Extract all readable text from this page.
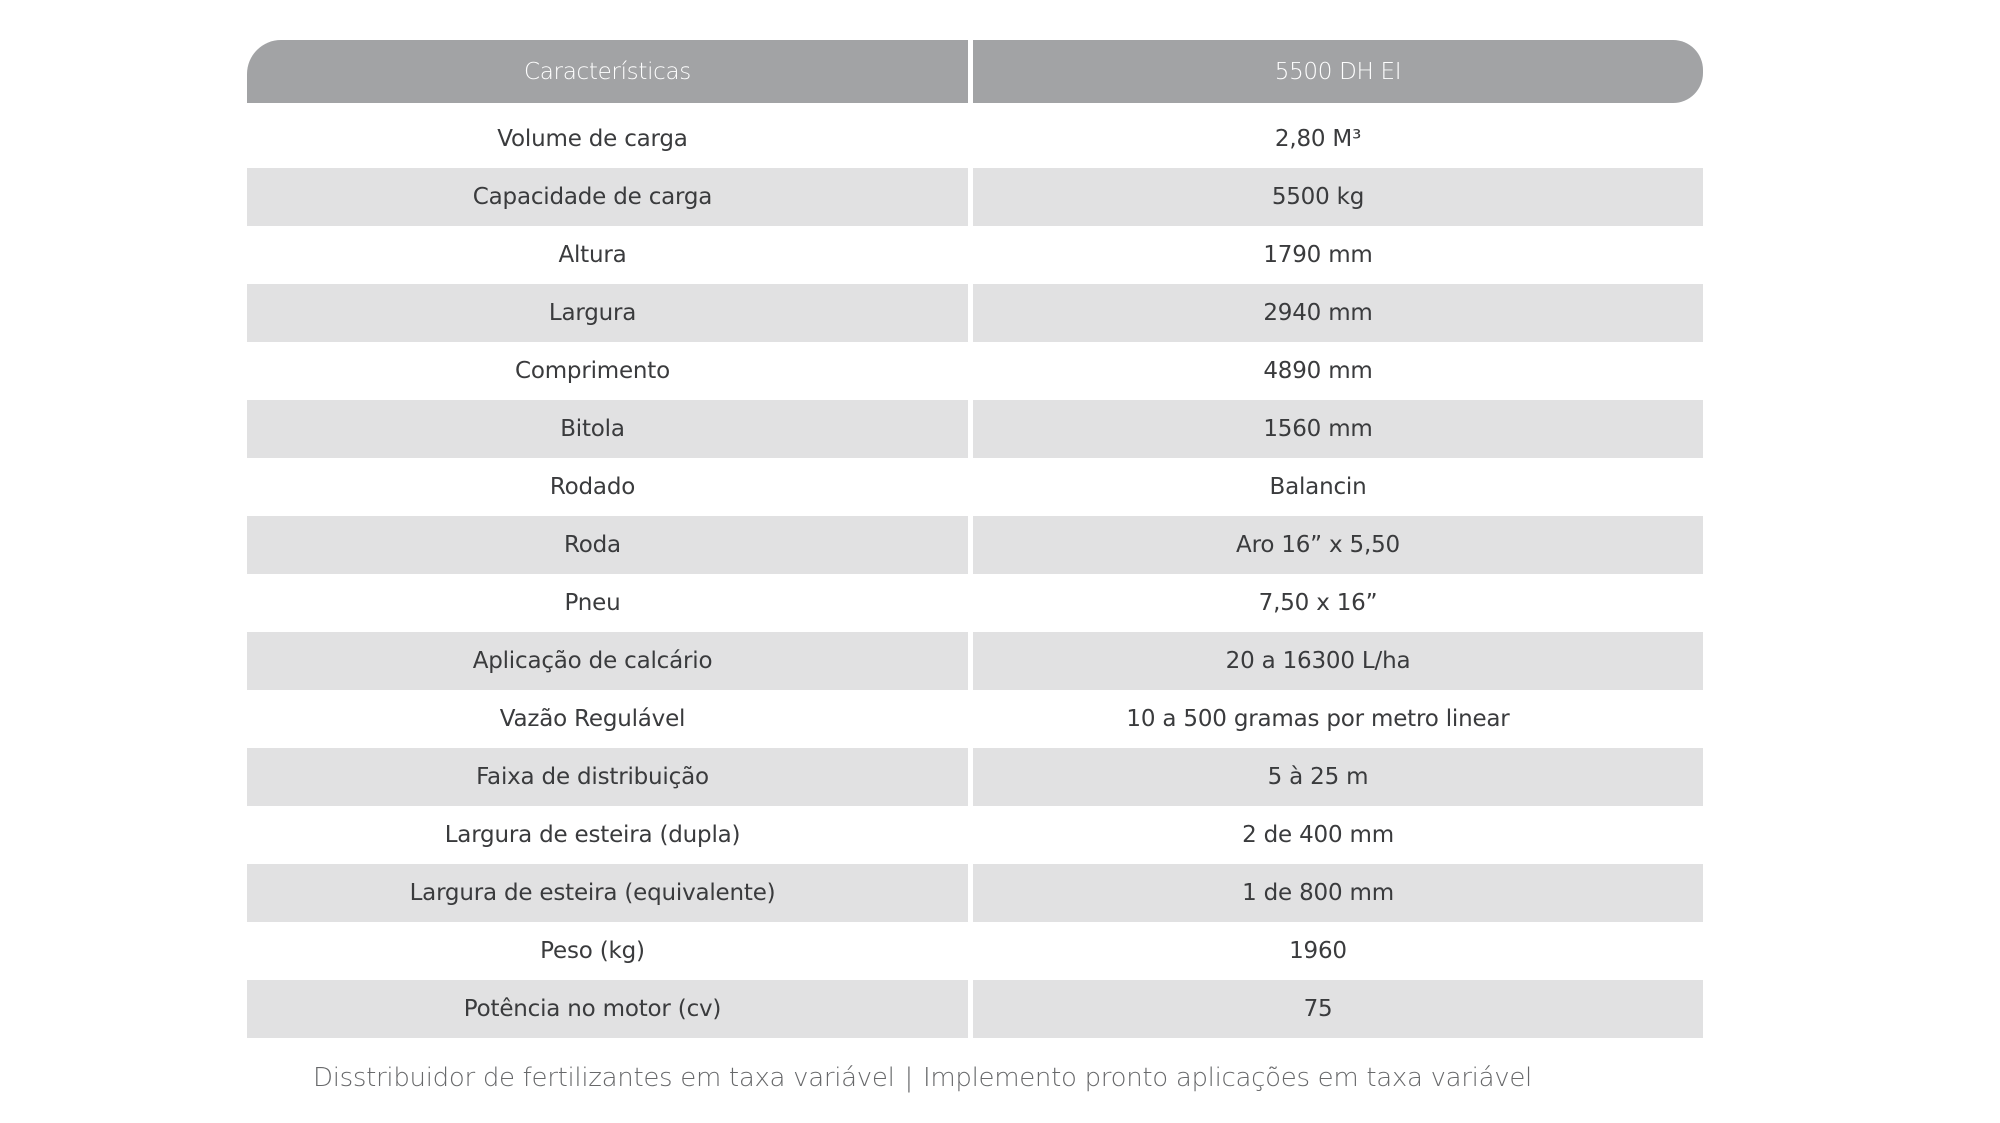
Características	5500 DH EI
Volume de carga	2,80 M³
Capacidade de carga	5500 kg
Altura	1790 mm
Largura	2940 mm
Comprimento	4890 mm
Bitola	1560 mm
Rodado	Balancin
Roda	Aro 16” x 5,50
Pneu	7,50 x 16”
Aplicação de calcário	20 a 16300 L/ha
Vazão Regulável	10 a 500 gramas por metro linear
Faixa de distribuição	5 à 25 m
Largura de esteira (dupla)	2 de 400 mm
Largura de esteira (equivalente)	1 de 800 mm
Peso (kg)	1960
Potência no motor (cv)	75
Disstribuidor de fertilizantes em taxa variável | Implemento pronto aplicações em taxa variável
